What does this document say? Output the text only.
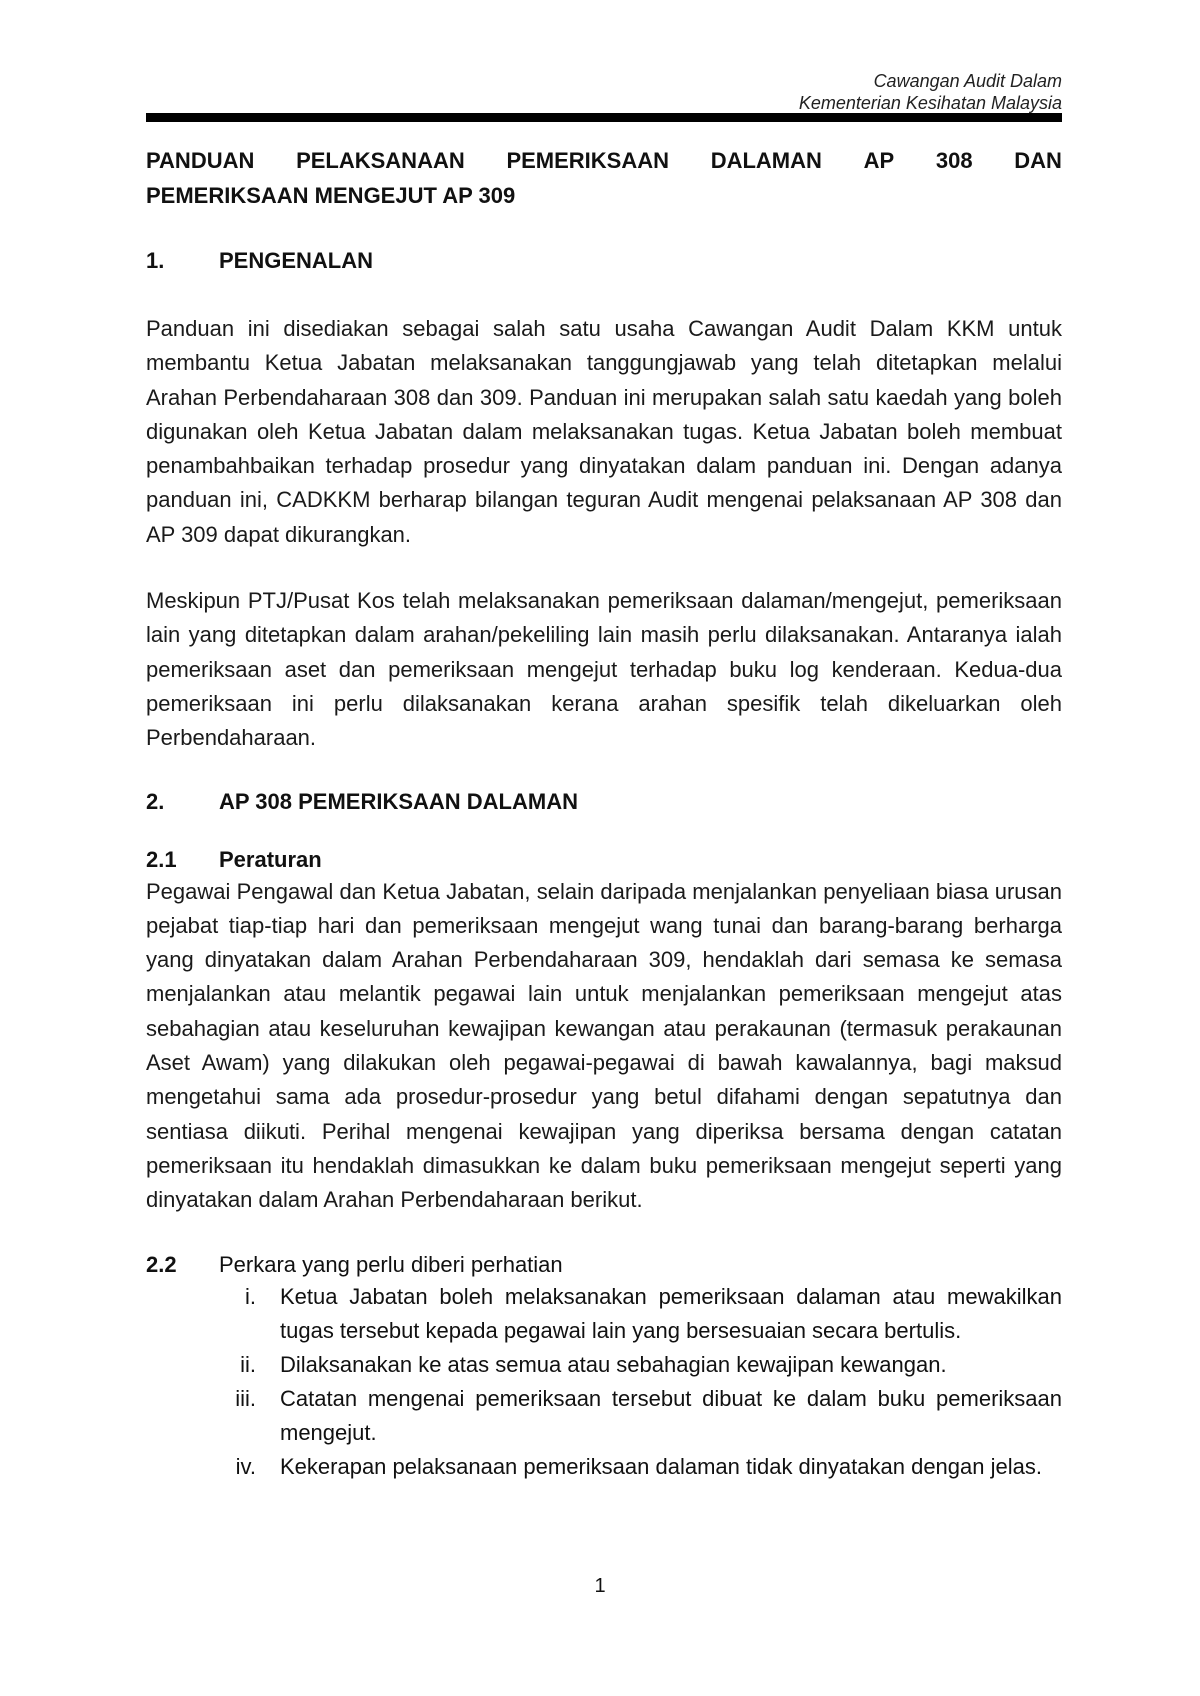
Cawangan Audit Dalam
Kementerian Kesihatan Malaysia
PANDUAN PELAKSANAAN PEMERIKSAAN DALAMAN AP 308 DAN
PEMERIKSAAN MENGEJUT AP 309
1.	PENGENALAN

Panduan ini disediakan sebagai salah satu usaha Cawangan Audit Dalam KKM untuk membantu Ketua Jabatan melaksanakan tanggungjawab yang telah ditetapkan melalui Arahan Perbendaharaan 308 dan 309. Panduan ini merupakan salah satu kaedah yang boleh digunakan oleh Ketua Jabatan dalam melaksanakan tugas. Ketua Jabatan boleh membuat penambahbaikan terhadap prosedur yang dinyatakan dalam panduan ini. Dengan adanya panduan ini, CADKKM berharap bilangan teguran Audit mengenai pelaksanaan AP 308 dan AP 309 dapat dikurangkan.

Meskipun PTJ/Pusat Kos telah melaksanakan pemeriksaan dalaman/mengejut, pemeriksaan lain yang ditetapkan dalam arahan/pekeliling lain masih perlu dilaksanakan. Antaranya ialah pemeriksaan aset dan pemeriksaan mengejut terhadap buku log kenderaan. Kedua-dua pemeriksaan ini perlu dilaksanakan kerana arahan spesifik telah dikeluarkan oleh Perbendaharaan.

2.	AP 308 PEMERIKSAAN DALAMAN
2.1	Peraturan

Pegawai Pengawal dan Ketua Jabatan, selain daripada menjalankan penyeliaan biasa urusan pejabat tiap-tiap hari dan pemeriksaan mengejut wang tunai dan barang-barang berharga yang dinyatakan dalam Arahan Perbendaharaan 309, hendaklah dari semasa ke semasa menjalankan atau melantik pegawai lain untuk menjalankan pemeriksaan mengejut atas sebahagian atau keseluruhan kewajipan kewangan atau perakaunan (termasuk perakaunan Aset Awam) yang dilakukan oleh pegawai-pegawai di bawah kawalannya, bagi maksud mengetahui sama ada prosedur-prosedur yang betul difahami dengan sepatutnya dan sentiasa diikuti. Perihal mengenai kewajipan yang diperiksa bersama dengan catatan pemeriksaan itu hendaklah dimasukkan ke dalam buku pemeriksaan mengejut seperti yang dinyatakan dalam Arahan Perbendaharaan berikut.

2.2	Perkara yang perlu diberi perhatian
i.	Ketua Jabatan boleh melaksanakan pemeriksaan dalaman atau mewakilkan tugas tersebut kepada pegawai lain yang bersesuaian secara bertulis.
ii.	Dilaksanakan ke atas semua atau sebahagian kewajipan kewangan.
iii.	Catatan mengenai pemeriksaan tersebut dibuat ke dalam buku pemeriksaan mengejut.
iv.	Kekerapan pelaksanaan pemeriksaan dalaman tidak dinyatakan dengan jelas.
1
